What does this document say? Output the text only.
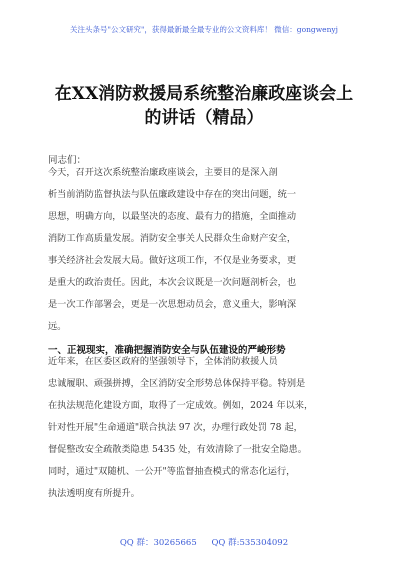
关注头条号"公文研究"，获得最新最全最专业的公文资料库！ 微信：gongwenyj
在XX消防救援局系统整治廉政座谈会上
的讲话（精品）
同志们：
今天，召开这次系统整治廉政座谈会，主要目的是深入剖
析当前消防监督执法与队伍廉政建设中存在的突出问题，统一
思想，明确方向，以最坚决的态度、最有力的措施，全面推动
消防工作高质量发展。消防安全事关人民群众生命财产安全，
事关经济社会发展大局。做好这项工作，不仅是业务要求，更
是重大的政治责任。因此，本次会议既是一次问题剖析会，也
是一次工作部署会，更是一次思想动员会，意义重大，影响深
远。
一、正视现实，准确把握消防安全与队伍建设的严峻形势
近年来，在区委区政府的坚强领导下，全体消防救援人员
忠诚履职、顽强拼搏，全区消防安全形势总体保持平稳。特别是
在执法规范化建设方面，取得了一定成效。例如，2024 年以来，
针对性开展"生命通道"联合执法 97 次，办理行政处罚 78 起，
督促整改安全疏散类隐患 5435 处，有效清除了一批安全隐患。
同时，通过"双随机、一公开"等监督抽查模式的常态化运行，
执法透明度有所提升。
QQ 群：30265665 QQ 群:535304092
